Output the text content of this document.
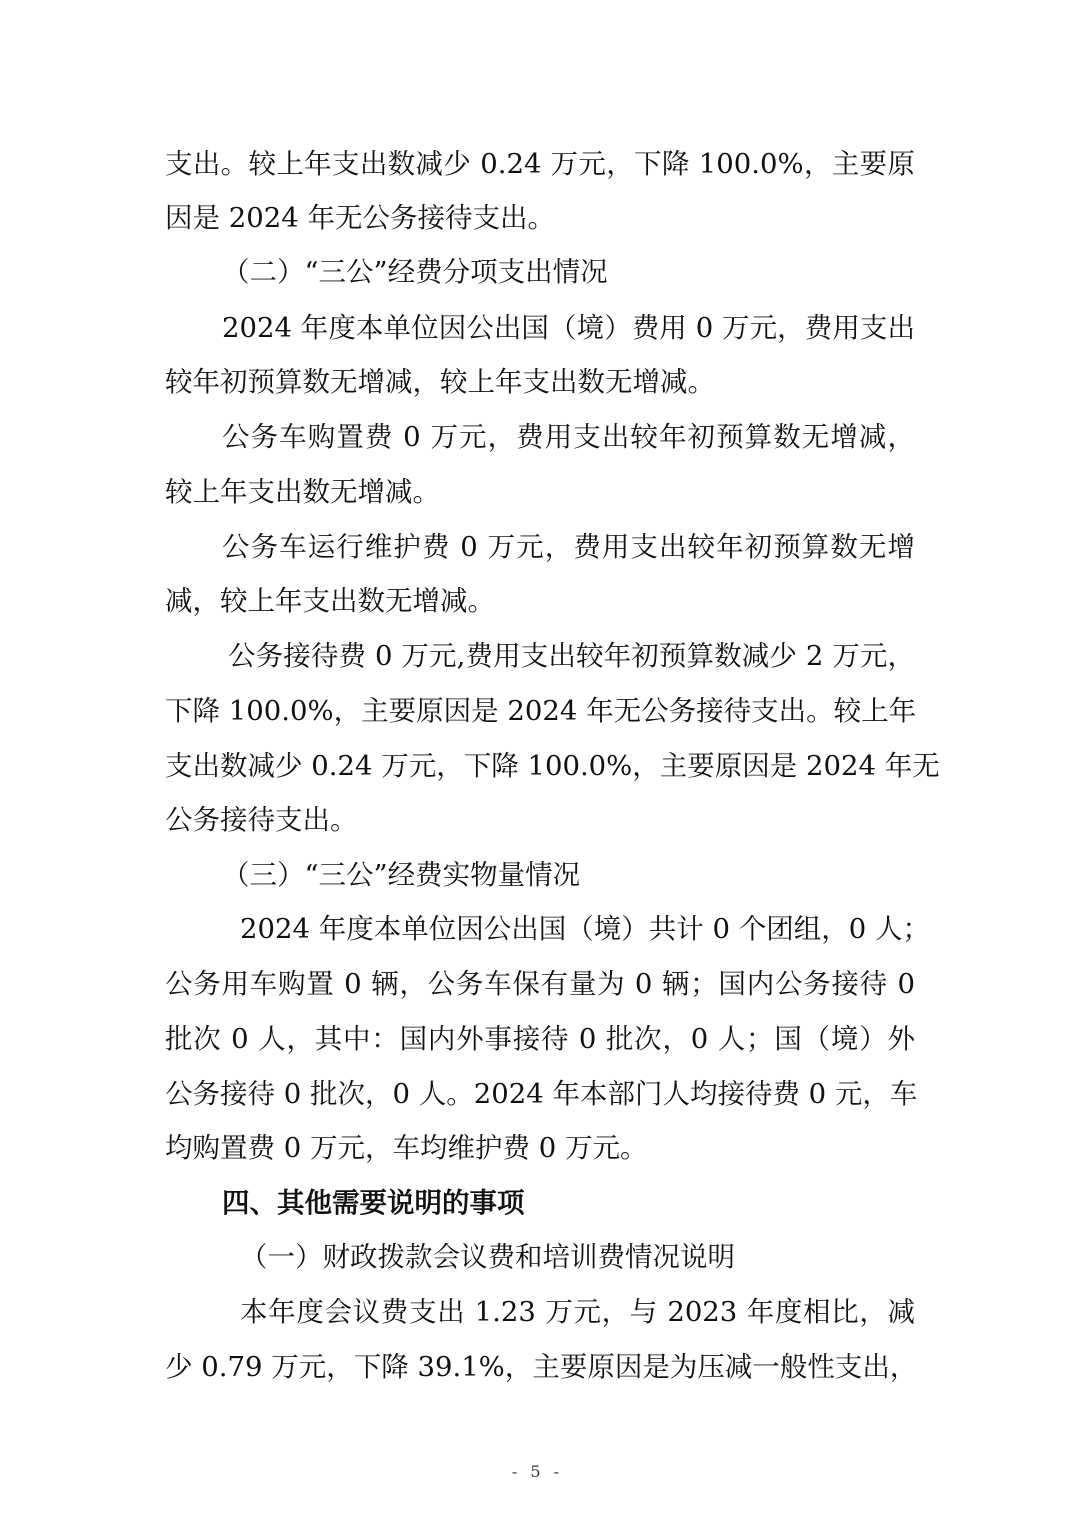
支出。较上年支出数减少 0.24 万元，下降 100.0%，主要原
因是 2024 年无公务接待支出。
（二）“三公”经费分项支出情况
2024 年度本单位因公出国（境）费用 0 万元，费用支出
较年初预算数无增减，较上年支出数无增减。
公务车购置费 0 万元，费用支出较年初预算数无增减，
较上年支出数无增减。
公务车运行维护费 0 万元，费用支出较年初预算数无增
减，较上年支出数无增减。
公务接待费 0 万元,费用支出较年初预算数减少 2 万元，
下降 100.0%，主要原因是 2024 年无公务接待支出。较上年
支出数减少 0.24 万元，下降 100.0%，主要原因是 2024 年无
公务接待支出。
（三）“三公”经费实物量情况
2024 年度本单位因公出国（境）共计 0 个团组，0 人；
公务用车购置 0 辆，公务车保有量为 0 辆；国内公务接待 0
批次 0 人，其中：国内外事接待 0 批次，0 人；国（境）外
公务接待 0 批次，0 人。2024 年本部门人均接待费 0 元，车
均购置费 0 万元，车均维护费 0 万元。
四、其他需要说明的事项
（一）财政拨款会议费和培训费情况说明
本年度会议费支出 1.23 万元，与 2023 年度相比，减
少 0.79 万元，下降 39.1%，主要原因是为压减一般性支出，
- 5 -
